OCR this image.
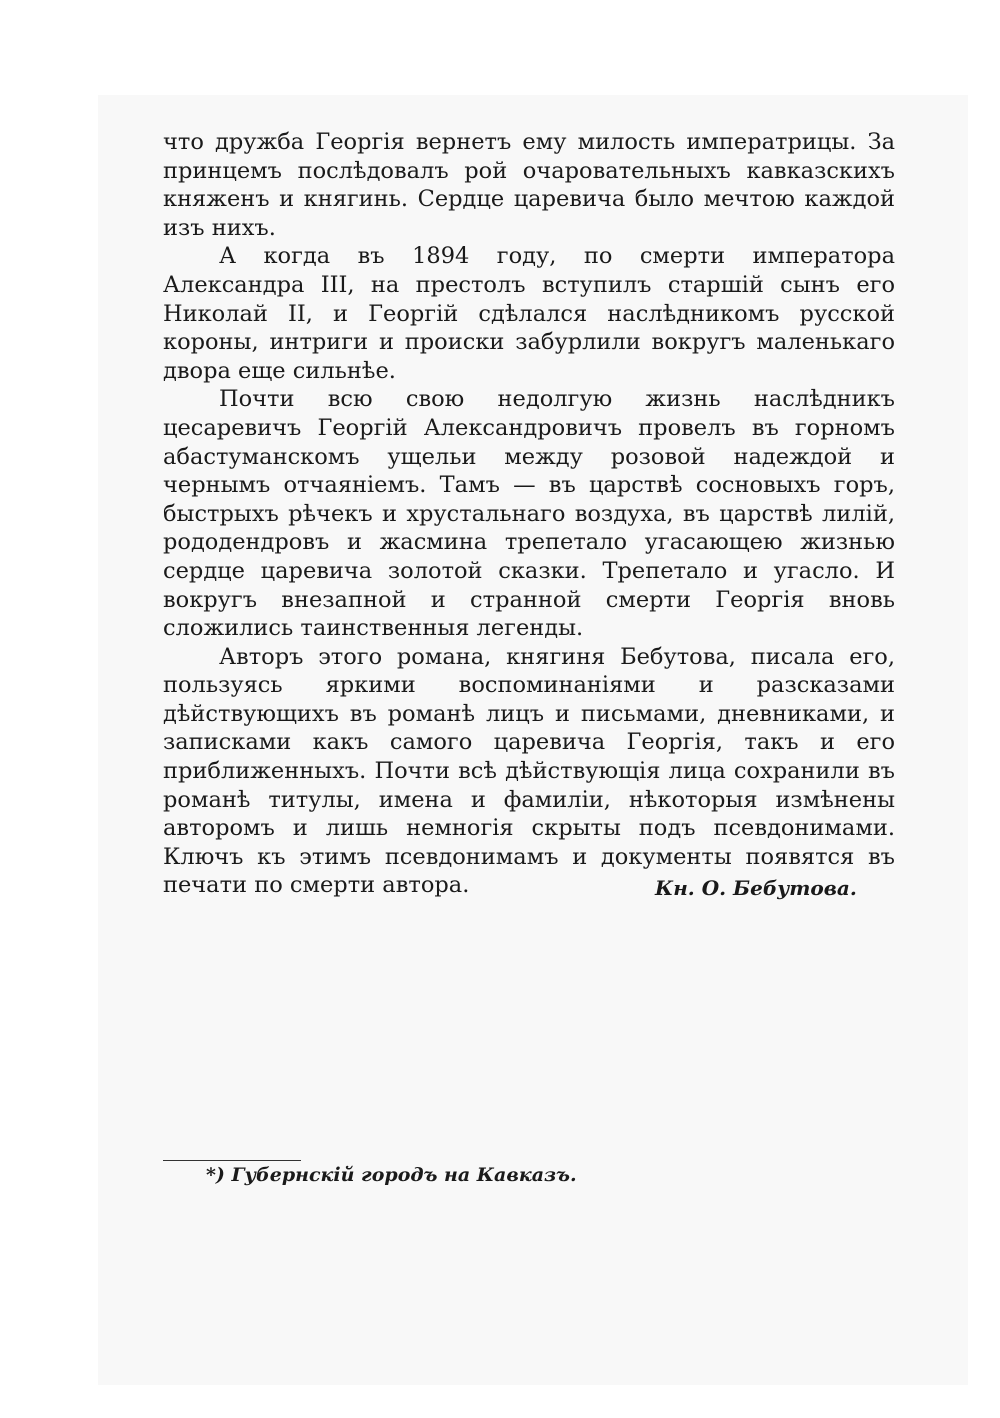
что дружба Георгія вернетъ ему милость императрицы. За принцемъ послѣдовалъ рой очаровательныхъ кавказскихъ княженъ и княгинь. Сердце царевича было мечтою каждой изъ нихъ.

А когда въ 1894 году, по смерти императора Александра III, на престолъ вступилъ старшій сынъ его Николай II, и Георгій сдѣлался наслѣдникомъ русской короны, интриги и происки забурлили вокругъ маленькаго двора еще сильнѣе.

Почти всю свою недолгую жизнь наслѣдникъ цесаревичъ Георгій Александровичъ провелъ въ горномъ абастуманскомъ ущельи между розовой надеждой и чернымъ отчаяніемъ. Тамъ — въ царствѣ сосновыхъ горъ, быстрыхъ рѣчекъ и хрустальнаго воздуха, въ царствѣ лилій, рододендровъ и жасмина трепетало угасающею жизнью сердце царевича золотой сказки. Трепетало и угасло. И вокругъ внезапной и странной смерти Георгія вновь сложились таинственныя легенды.

Авторъ этого романа, княгиня Бебутова, писала его, пользуясь яркими воспоминаніями и разсказами дѣйствующихъ въ романѣ лицъ и письмами, дневниками, и записками какъ самого царевича Георгія, такъ и его приближенныхъ. Почти всѣ дѣйствующія лица сохранили въ романѣ титулы, имена и фамиліи, нѣкоторыя измѣнены авторомъ и лишь немногія скрыты подъ псевдонимами. Ключъ къ этимъ псевдонимамъ и документы появятся въ печати по смерти автора.	Кн. О. Бебутова.
*) Губернскій городъ на Кавказъ.
